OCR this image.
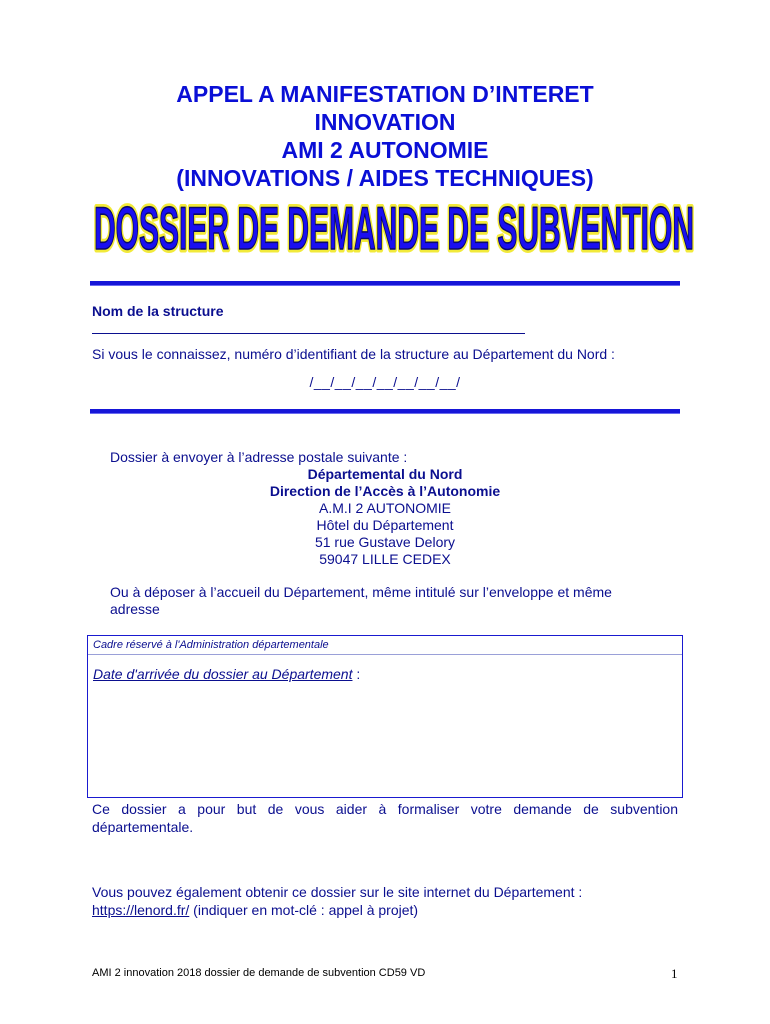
APPEL A MANIFESTATION D’INTERET
INNOVATION
AMI 2 AUTONOMIE
(INNOVATIONS / AIDES TECHNIQUES)
DOSSIER DE DEMANDE DE SUBVENTION
DOSSIER DE DEMANDE DE SUBVENTION
Nom de la structure
Si vous le connaissez, numéro d’identifiant de la structure au Département du Nord :
/__/__/__/__/__/__/__/
Dossier à envoyer à l’adresse postale suivante :
Départemental du Nord
Direction de l’Accès à l’Autonomie
A.M.I 2 AUTONOMIE
Hôtel du Département
51 rue Gustave Delory
59047 LILLE CEDEX
Ou à déposer à l’accueil du Département, même intitulé sur l’enveloppe et même adresse
Cadre réservé à l'Administration départementale
Date d'arrivée du dossier au Département :
Ce dossier a pour but de vous aider à formaliser votre demande de subvention départementale.
Vous pouvez également obtenir ce dossier sur le site internet du Département :
https://lenord.fr/ (indiquer en mot-clé : appel à projet)
AMI 2 innovation 2018 dossier de demande de subvention CD59 VD	1
